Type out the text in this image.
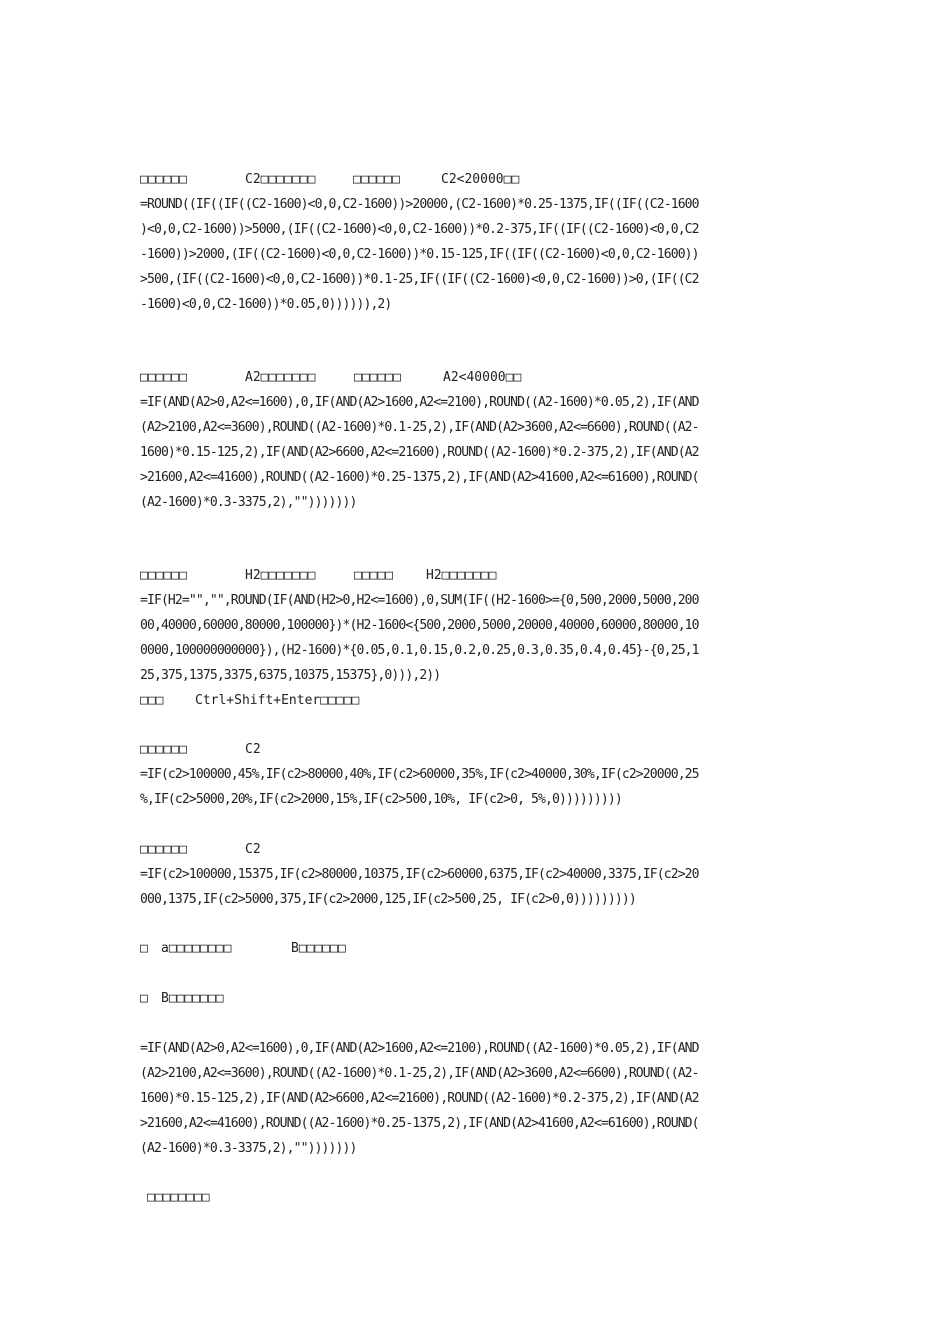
□□□□□□

	C2□□□□□□□

	□□□□□□

	C2<20000□□

=ROUND((IF((IF((C2-1600)<0,0,C2-1600))>20000,(C2-1600)*0.25-1375,IF((IF((C2-1600
)<0,0,C2-1600))>5000,(IF((C2-1600)<0,0,C2-1600))*0.2-375,IF((IF((C2-1600)<0,0,C2
-1600))>2000,(IF((C2-1600)<0,0,C2-1600))*0.15-125,IF((IF((C2-1600)<0,0,C2-1600))
>500,(IF((C2-1600)<0,0,C2-1600))*0.1-25,IF((IF((C2-1600)<0,0,C2-1600))>0,(IF((C2
-1600)<0,0,C2-1600))*0.05,0)))))),2)

□□□□□□

	A2□□□□□□□

	□□□□□□

	A2<40000□□

=IF(AND(A2>0,A2<=1600),0,IF(AND(A2>1600,A2<=2100),ROUND((A2-1600)*0.05,2),IF(AND
(A2>2100,A2<=3600),ROUND((A2-1600)*0.1-25,2),IF(AND(A2>3600,A2<=6600),ROUND((A2-
1600)*0.15-125,2),IF(AND(A2>6600,A2<=21600),ROUND((A2-1600)*0.2-375,2),IF(AND(A2
>21600,A2<=41600),ROUND((A2-1600)*0.25-1375,2),IF(AND(A2>41600,A2<=61600),ROUND(
(A2-1600)*0.3-3375,2),"")))))))

□□□□□□

	H2□□□□□□□

	□□□□□

	H2□□□□□□□

=IF(H2="","",ROUND(IF(AND(H2>0,H2<=1600),0,SUM(IF((H2-1600>={0,500,2000,5000,200
00,40000,60000,80000,100000})*(H2-1600<{500,2000,5000,20000,40000,60000,80000,10
0000,100000000000}),(H2-1600)*{0.05,0.1,0.15,0.2,0.25,0.3,0.35,0.4,0.45}-{0,25,1
25,375,1375,3375,6375,10375,15375},0))),2))

□□□

Ctrl+Shift+Enter□□□□□

□□□□□□

	C2

=IF(c2>100000,45%,IF(c2>80000,40%,IF(c2>60000,35%,IF(c2>40000,30%,IF(c2>20000,25
%,IF(c2>5000,20%,IF(c2>2000,15%,IF(c2>500,10%, IF(c2>0, 5%,0)))))))))

□□□□□□

	C2

=IF(c2>100000,15375,IF(c2>80000,10375,IF(c2>60000,6375,IF(c2>40000,3375,IF(c2>20
000,1375,IF(c2>5000,375,IF(c2>2000,125,IF(c2>500,25, IF(c2>0,0)))))))))

□

a□□□□□□□□

	B□□□□□□

□

B□□□□□□□

=IF(AND(A2>0,A2<=1600),0,IF(AND(A2>1600,A2<=2100),ROUND((A2-1600)*0.05,2),IF(AND
(A2>2100,A2<=3600),ROUND((A2-1600)*0.1-25,2),IF(AND(A2>3600,A2<=6600),ROUND((A2-
1600)*0.15-125,2),IF(AND(A2>6600,A2<=21600),ROUND((A2-1600)*0.2-375,2),IF(AND(A2
>21600,A2<=41600),ROUND((A2-1600)*0.25-1375,2),IF(AND(A2>41600,A2<=61600),ROUND(
(A2-1600)*0.3-3375,2),"")))))))
□□□□□□□□
